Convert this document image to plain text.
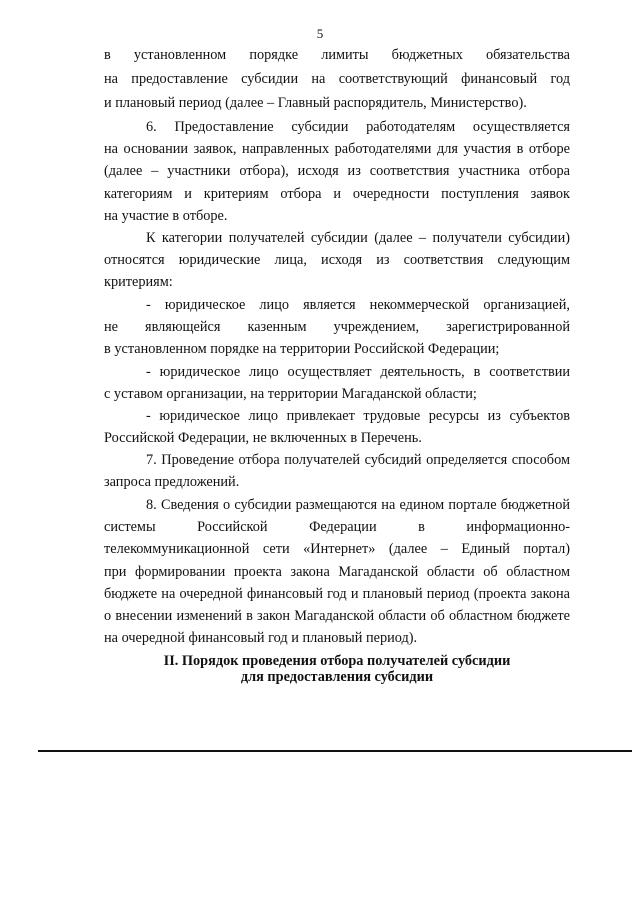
5
в установленном порядке лимиты бюджетных обязательства
на предоставление субсидии на соответствующий финансовый год
и плановый период (далее – Главный распорядитель, Министерство).
6. Предоставление субсидии работодателям осуществляется
на основании заявок, направленных работодателями для участия в отборе
(далее – участники отбора), исходя из соответствия участника отбора
категориям и критериям отбора и очередности поступления заявок
на участие в отборе.
К категории получателей субсидии (далее – получатели субсидии)
относятся юридические лица, исходя из соответствия следующим
критериям:
- юридическое лицо является некоммерческой организацией,
не являющейся казенным учреждением, зарегистрированной
в установленном порядке на территории Российской Федерации;
- юридическое лицо осуществляет деятельность, в соответствии
с уставом организации, на территории Магаданской области;
- юридическое лицо привлекает трудовые ресурсы из субъектов
Российской Федерации, не включенных в Перечень.
7. Проведение отбора получателей субсидий определяется способом
запроса предложений.
8. Сведения о субсидии размещаются на едином портале бюджетной
системы Российской Федерации в информационно-
телекоммуникационной сети «Интернет» (далее – Единый портал)
при формировании проекта закона Магаданской области об областном
бюджете на очередной финансовый год и плановый период (проекта закона
о внесении изменений в закон Магаданской области об областном бюджете
на очередной финансовый год и плановый период).
II. Порядок проведения отбора получателей субсидии
для предоставления субсидии
